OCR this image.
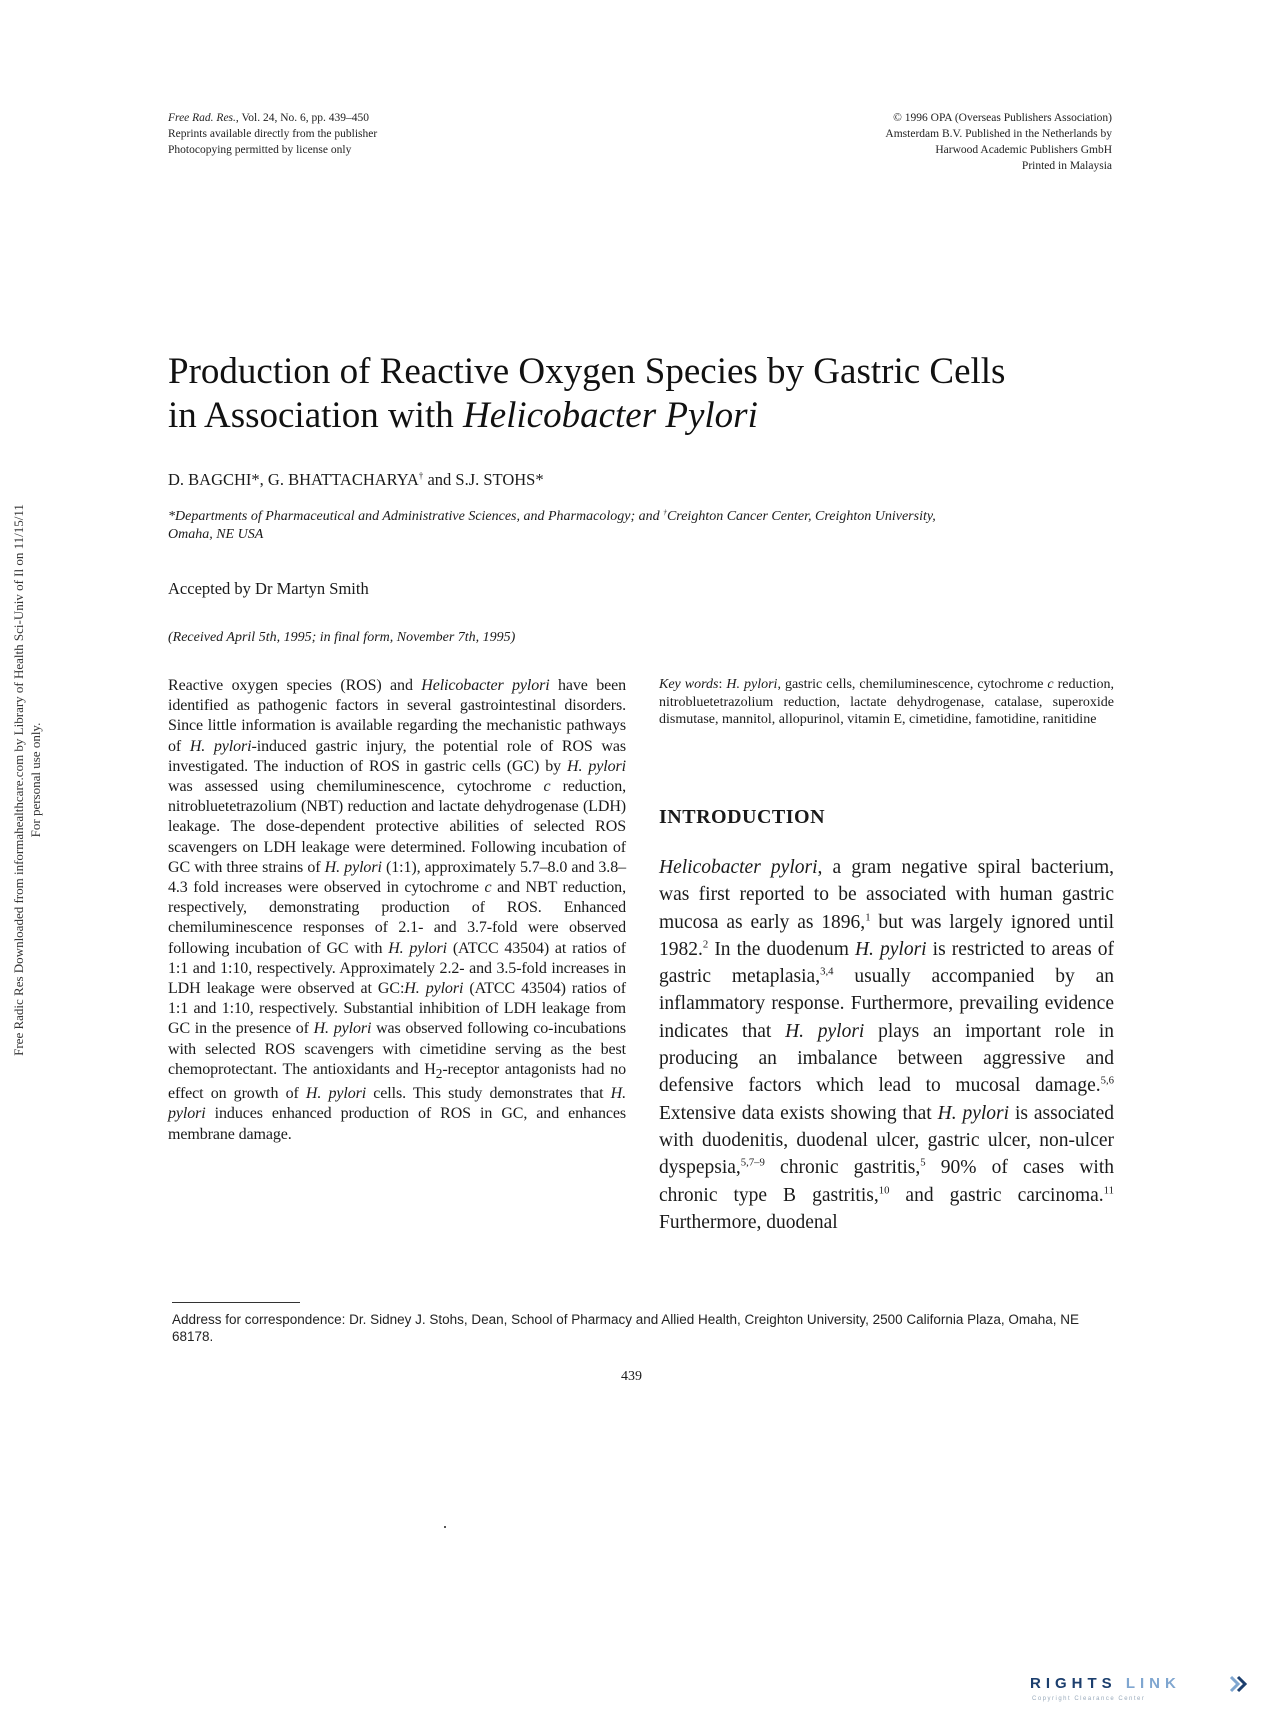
Free Rad. Res., Vol. 24, No. 6, pp. 439–450
Reprints available directly from the publisher
Photocopying permitted by license only
© 1996 OPA (Overseas Publishers Association)
Amsterdam B.V. Published in the Netherlands by
Harwood Academic Publishers GmbH
Printed in Malaysia
Free Radic Res Downloaded from informahealthcare.com by Library of Health Sci-Univ of Il on 11/15/11 For personal use only.
Production of Reactive Oxygen Species by Gastric Cells
in Association with Helicobacter Pylori
D. BAGCHI*, G. BHATTACHARYA† and S.J. STOHS*
*Departments of Pharmaceutical and Administrative Sciences, and Pharmacology; and †Creighton Cancer Center, Creighton University,
Omaha, NE USA
Accepted by Dr Martyn Smith
(Received April 5th, 1995; in final form, November 7th, 1995)
Reactive oxygen species (ROS) and Helicobacter pylori have been identified as pathogenic factors in several gastrointestinal disorders. Since little information is available regarding the mechanistic pathways of H. pylori-induced gastric injury, the potential role of ROS was investigated. The induction of ROS in gastric cells (GC) by H. pylori was assessed using chemiluminescence, cytochrome c reduction, nitrobluetetrazolium (NBT) reduction and lactate dehydrogenase (LDH) leakage. The dose-dependent protective abilities of selected ROS scavengers on LDH leakage were determined. Following incubation of GC with three strains of H. pylori (1:1), approximately 5.7–8.0 and 3.8–4.3 fold increases were observed in cytochrome c and NBT reduction, respectively, demonstrating production of ROS. Enhanced chemiluminescence responses of 2.1- and 3.7-fold were observed following incubation of GC with H. pylori (ATCC 43504) at ratios of 1:1 and 1:10, respectively. Approximately 2.2- and 3.5-fold increases in LDH leakage were observed at GC:H. pylori (ATCC 43504) ratios of 1:1 and 1:10, respectively. Substantial inhibition of LDH leakage from GC in the presence of H. pylori was observed following co-incubations with selected ROS scavengers with cimetidine serving as the best chemoprotectant. The antioxidants and $H_2$-receptor antagonists had no effect on growth of H. pylori cells. This study demonstrates that H. pylori induces enhanced production of ROS in GC, and enhances membrane damage.
Key words: H. pylori, gastric cells, chemiluminescence, cytochrome c reduction, nitrobluetetrazolium reduction, lactate dehydrogenase, catalase, superoxide dismutase, mannitol, allopurinol, vitamin E, cimetidine, famotidine, ranitidine
INTRODUCTION
Helicobacter pylori, a gram negative spiral bacterium, was first reported to be associated with human gastric mucosa as early as 1896,$^1$ but was largely ignored until 1982.$^2$ In the duodenum H. pylori is restricted to areas of gastric metaplasia,$^{3,4}$ usually accompanied by an inflammatory response. Furthermore, prevailing evidence indicates that H. pylori plays an important role in producing an imbalance between aggressive and defensive factors which lead to mucosal damage.$^{5,6}$ Extensive data exists showing that H. pylori is associated with duodenitis, duodenal ulcer, gastric ulcer, non-ulcer dyspepsia,$^{5,7-9}$ chronic gastritis,$^5$ 90% of cases with chronic type B gastritis,$^{10}$ and gastric carcinoma.$^{11}$ Furthermore, duodenal
Address for correspondence: Dr. Sidney J. Stohs, Dean, School of Pharmacy and Allied Health, Creighton University, 2500 California Plaza, Omaha, NE 68178.
439
RIGHTS LINK
Copyright Clearance Center
